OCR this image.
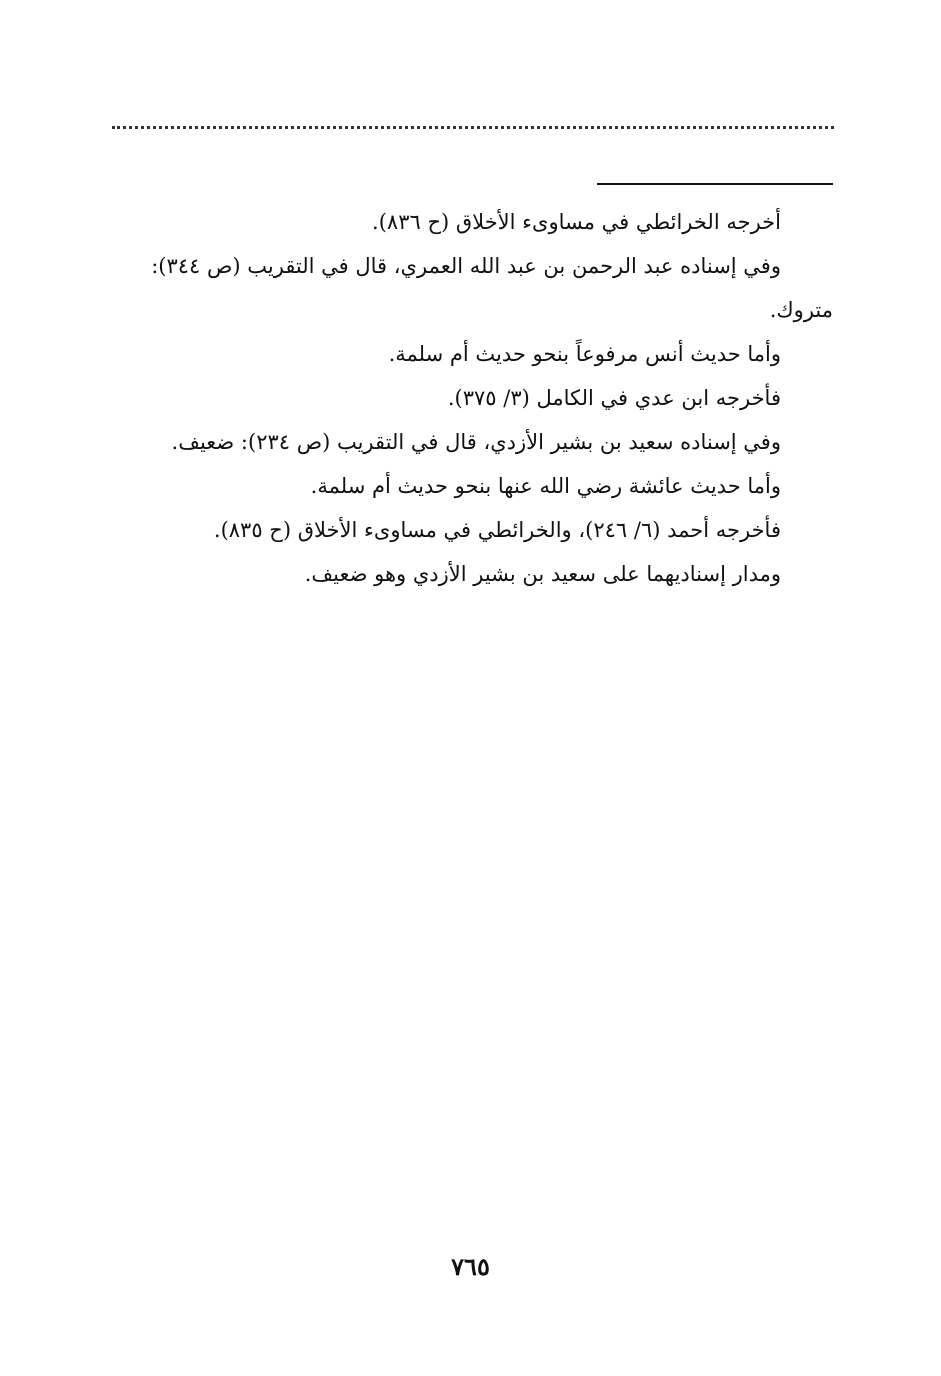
أخرجه الخرائطي في مساوىء الأخلاق (ح ٨٣٦).
وفي إسناده عبد الرحمن بن عبد الله العمري، قال في التقريب (ص ٣٤٤):
متروك.
وأما حديث أنس مرفوعاً بنحو حديث أم سلمة.
فأخرجه ابن عدي في الكامل (٣/ ٣٧٥).
وفي إسناده سعيد بن بشير الأزدي، قال في التقريب (ص ٢٣٤): ضعيف.
وأما حديث عائشة رضي الله عنها بنحو حديث أم سلمة.
فأخرجه أحمد (٦/ ٢٤٦)، والخرائطي في مساوىء الأخلاق (ح ٨٣٥).
ومدار إسناديهما على سعيد بن بشير الأزدي وهو ضعيف.
٧٦٥
